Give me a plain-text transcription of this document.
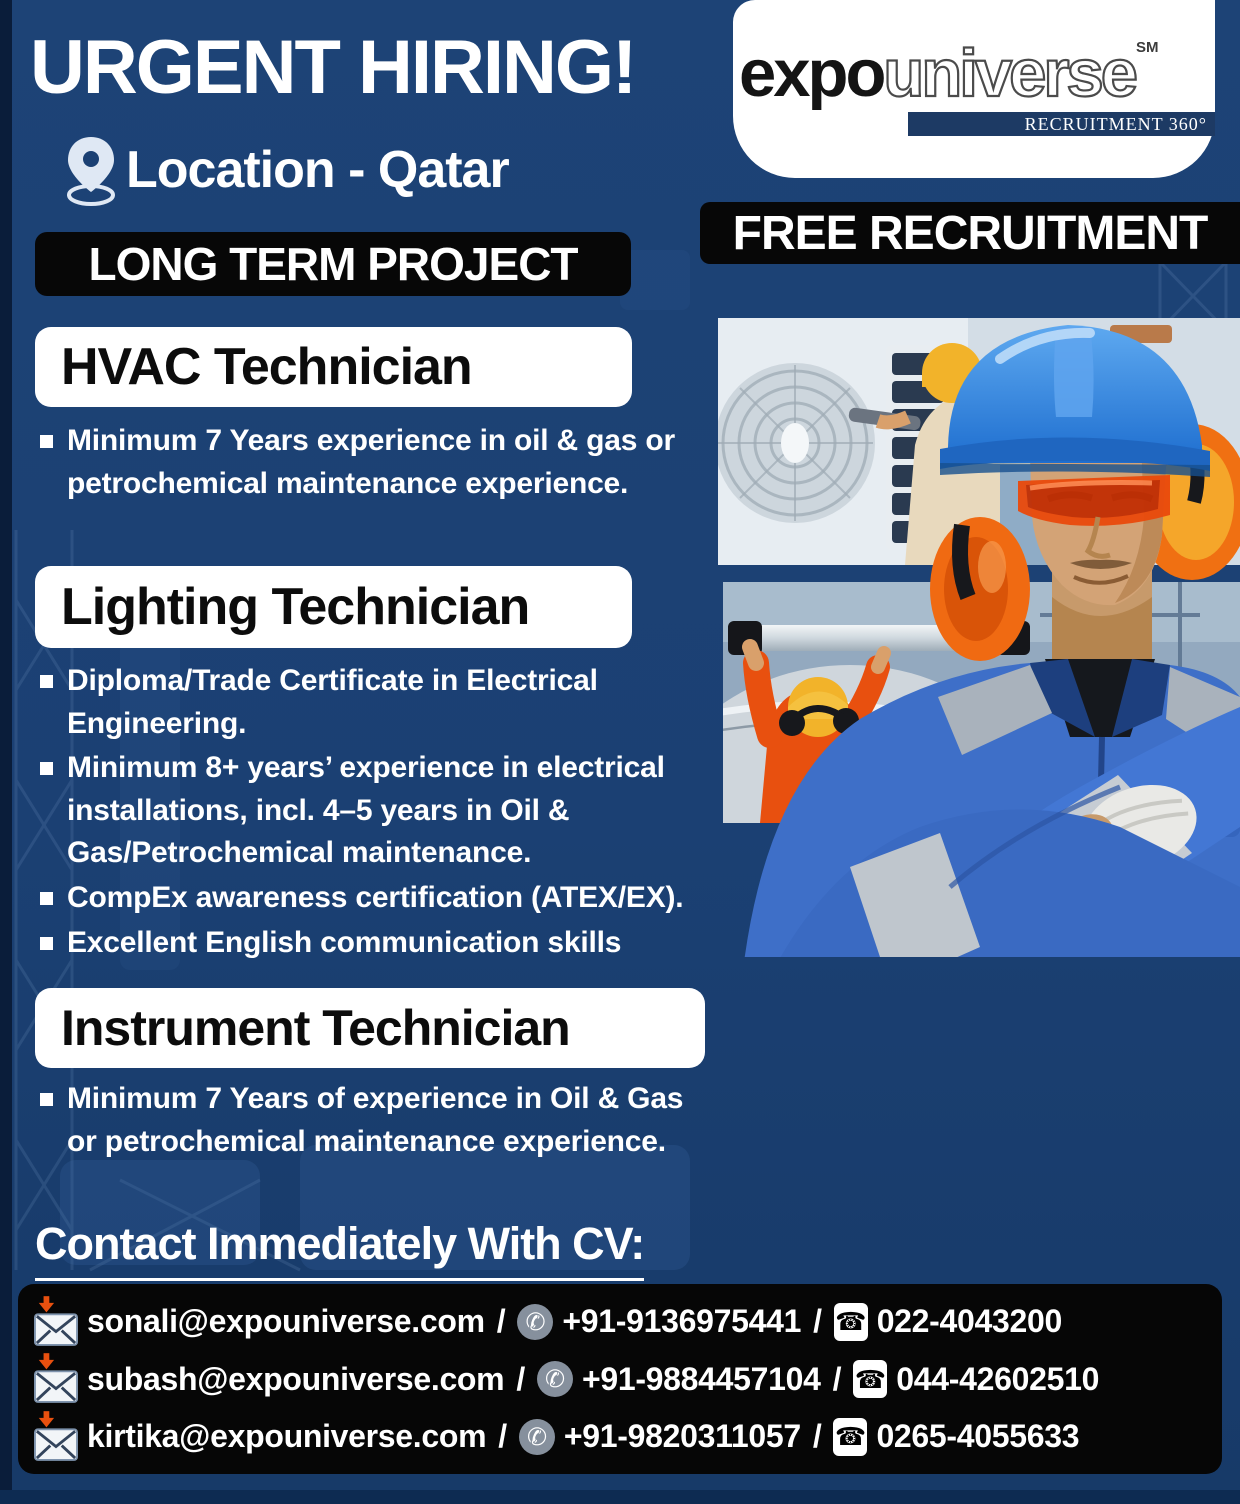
URGENT HIRING!
Location - Qatar
LONG TERM PROJECT
expo universe SM
RECRUITMENT 360°
FREE RECRUITMENT
HVAC Technician
Minimum 7 Years experience in oil & gas or petrochemical maintenance experience.
Lighting Technician
Diploma/Trade Certificate in Electrical Engineering.
Minimum 8+ years’ experience in electrical installations, incl. 4–5 years in Oil & Gas/Petrochemical maintenance.
CompEx awareness certification (ATEX/EX).
Excellent English communication skills
Instrument Technician
Minimum 7 Years of experience in Oil & Gas or petrochemical maintenance experience.
Contact Immediately With CV:
sonali@expouniverse.com / ✆ +91-9136975441 / ☎ 022-4043200
subash@expouniverse.com / ✆ +91-9884457104 / ☎ 044-42602510
kirtika@expouniverse.com / ✆ +91-9820311057 / ☎ 0265-4055633
